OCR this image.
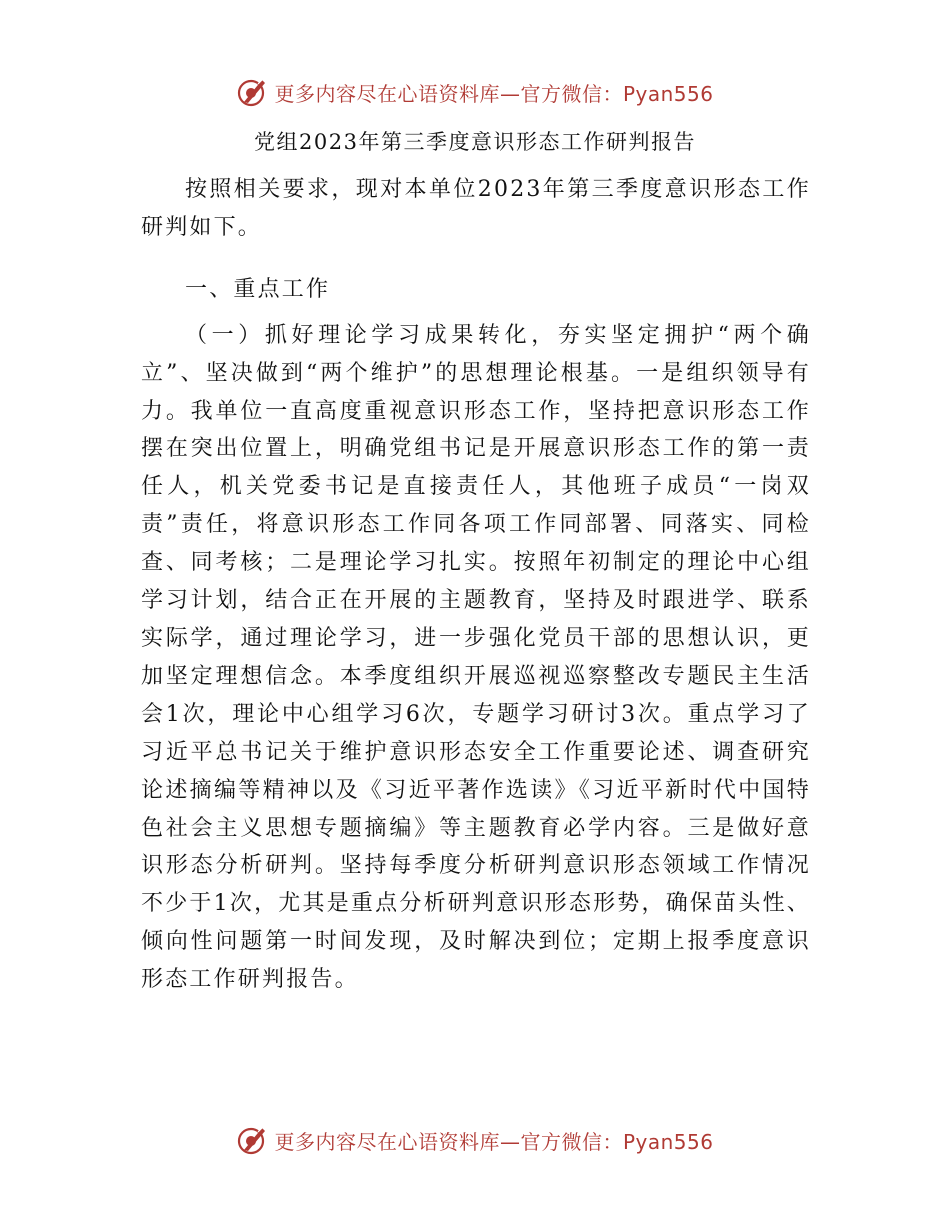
更多内容尽在心语资料库—官方微信：Pyan556
党组2023年第三季度意识形态工作研判报告

按照相关要求，现对本单位2023年第三季度意识形态工作研判如下。

一、重点工作

（一）抓好理论学习成果转化，夯实坚定拥护“两个确立”、坚决做到“两个维护”的思想理论根基。一是组织领导有力。我单位一直高度重视意识形态工作，坚持把意识形态工作摆在突出位置上，明确党组书记是开展意识形态工作的第一责任人，机关党委书记是直接责任人，其他班子成员“一岗双责”责任，将意识形态工作同各项工作同部署、同落实、同检查、同考核；二是理论学习扎实。按照年初制定的理论中心组学习计划，结合正在开展的主题教育，坚持及时跟进学、联系实际学，通过理论学习，进一步强化党员干部的思想认识，更加坚定理想信念。本季度组织开展巡视巡察整改专题民主生活会1次，理论中心组学习6次，专题学习研讨3次。重点学习了习近平总书记关于维护意识形态安全工作重要论述、调查研究论述摘编等精神以及《习近平著作选读》《习近平新时代中国特色社会主义思想专题摘编》等主题教育必学内容。三是做好意识形态分析研判。坚持每季度分析研判意识形态领域工作情况不少于1次，尤其是重点分析研判意识形态形势，确保苗头性、倾向性问题第一时间发现，及时解决到位；定期上报季度意识形态工作研判报告。

更多内容尽在心语资料库—官方微信：Pyan556
